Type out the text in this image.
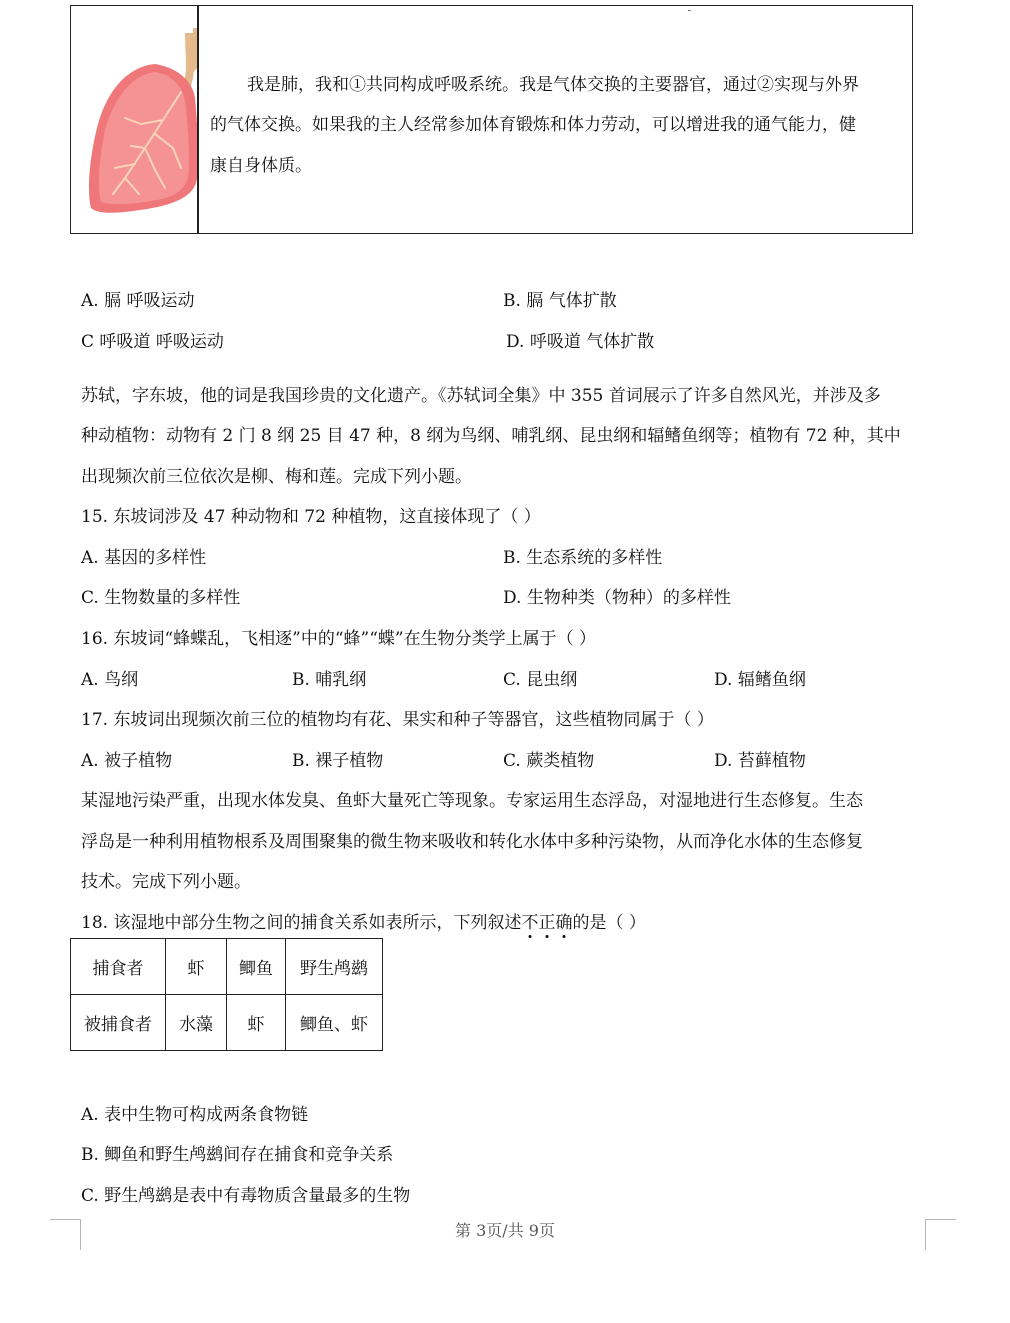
我是肺，我和①共同构成呼吸系统。我是气体交换的主要器官，通过②实现与外界
的气体交换。如果我的主人经常参加体育锻炼和体力劳动，可以增进我的通气能力，健
康自身体质。
A. 膈 呼吸运动	B. 膈 气体扩散
C 呼吸道 呼吸运动	D. 呼吸道 气体扩散
苏轼，字东坡，他的词是我国珍贵的文化遗产。《苏轼词全集》中 355 首词展示了许多自然风光，并涉及多
种动植物：动物有 2 门 8 纲 25 目 47 种，8 纲为鸟纲、哺乳纲、昆虫纲和辐鳍鱼纲等；植物有 72 种，其中
出现频次前三位依次是柳、梅和莲。完成下列小题。
15. 东坡词涉及 47 种动物和 72 种植物，这直接体现了（ ）
A. 基因的多样性	B. 生态系统的多样性
C. 生物数量的多样性	D. 生物种类（物种）的多样性
16. 东坡词“蜂蝶乱，飞相逐”中的“蜂”“蝶”在生物分类学上属于（ ）
A. 鸟纲	B. 哺乳纲	C. 昆虫纲	D. 辐鳍鱼纲
17. 东坡词出现频次前三位的植物均有花、果实和种子等器官，这些植物同属于（ ）
A. 被子植物	B. 裸子植物	C. 蕨类植物	D. 苔藓植物
某湿地污染严重，出现水体发臭、鱼虾大量死亡等现象。专家运用生态浮岛，对湿地进行生态修复。生态
浮岛是一种利用植物根系及周围聚集的微生物来吸收和转化水体中多种污染物，从而净化水体的生态修复
技术。完成下列小题。
18. 该湿地中部分生物之间的捕食关系如表所示，下列叙述不正确的是（ ）
捕食者	虾	鲫鱼	野生鸬鹚
被捕食者	水藻	虾	鲫鱼、虾
A. 表中生物可构成两条食物链
B. 鲫鱼和野生鸬鹚间存在捕食和竞争关系
C. 野生鸬鹚是表中有毒物质含量最多的生物
第 3页/共 9页
